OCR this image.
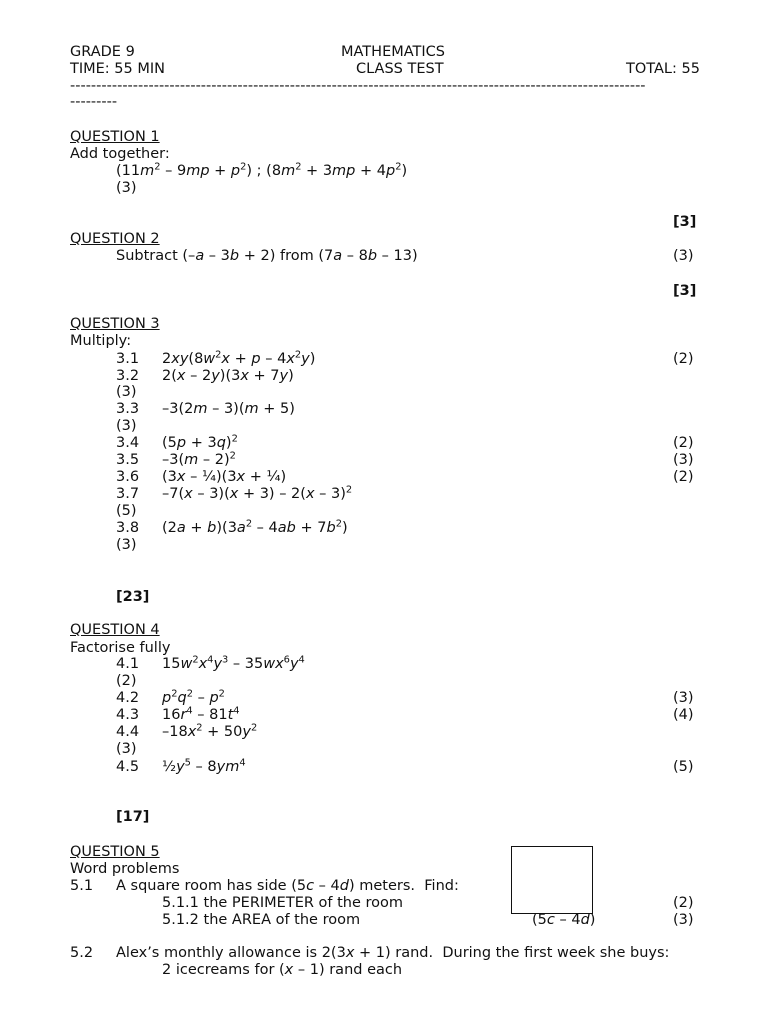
GRADE 9	MATHEMATICS
TIME: 55 MIN	CLASS TEST	TOTAL: 55
--------------------------------------------------------------------------------------------------------------
---------
QUESTION 1
Add together:
$(11m^2 - 9mp + p^2)$ ; $(8m^2 + 3mp + 4p^2)$
(3)
[3]
QUESTION 2
Subtract (–a – 3b + 2) from (7a – 8b – 13)	(3)
[3]
QUESTION 3
Multiply:
3.1 $2xy(8w^2x + p - 4x^2y)$	(2)
3.2 2(x – 2y)(3x + 7y)
(3)
3.3 –3(2m – 3)(m + 5)
(3)
3.4 $(5p + 3q)^2$	(2)
3.5 –3(m – 2)$^2$	(3)
3.6 (3x – ¼)(3x + ¼)	(2)
3.7 –7(x – 3)(x + 3) – 2(x – 3)$^2$
(5)
3.8 $(2a + b)(3a^2 - 4ab + 7b^2)$
(3)
[23]
QUESTION 4
Factorise fully
4.1 $15w^2x^4y^3 - 35wx^6y^4$
(2)
4.2 $p^2q^2 - p^2$	(3)
4.3 $16r^4 - 81t^4$	(4)
4.4 $-18x^2 + 50y^2$
(3)
4.5 $\frac{1}{2}y^5 - 8ym^4$	(5)
[17]
QUESTION 5
Word problems
5.1 A square room has side (5c – 4d) meters.  Find:
5.1.1 the PERIMETER of the room	(2)
5.1.2 the AREA of the room	(3)
(5c – 4d)
5.2 Alex’s monthly allowance is 2(3x + 1) rand.  During the first week she buys:
2 icecreams for (x – 1) rand each
